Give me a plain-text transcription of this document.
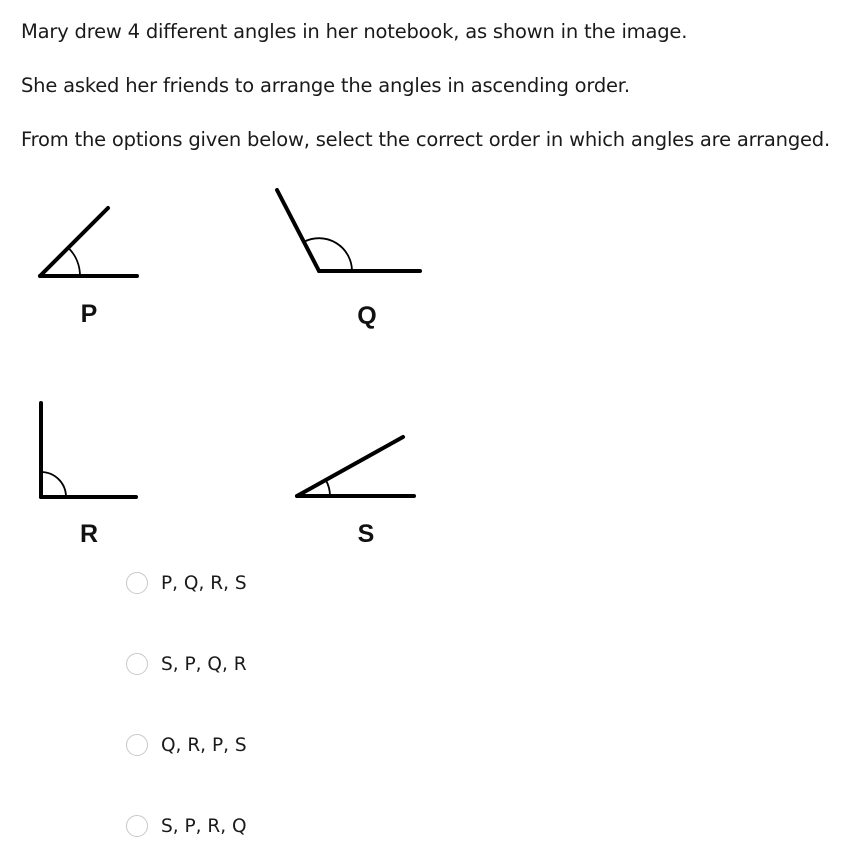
Mary drew 4 different angles in her notebook, as shown in the image.
She asked her friends to arrange the angles in ascending order.
From the options given below, select the correct order in which angles are arranged.
P	Q
R	S
P, Q, R, S
S, P, Q, R
Q, R, P, S
S, P, R, Q
